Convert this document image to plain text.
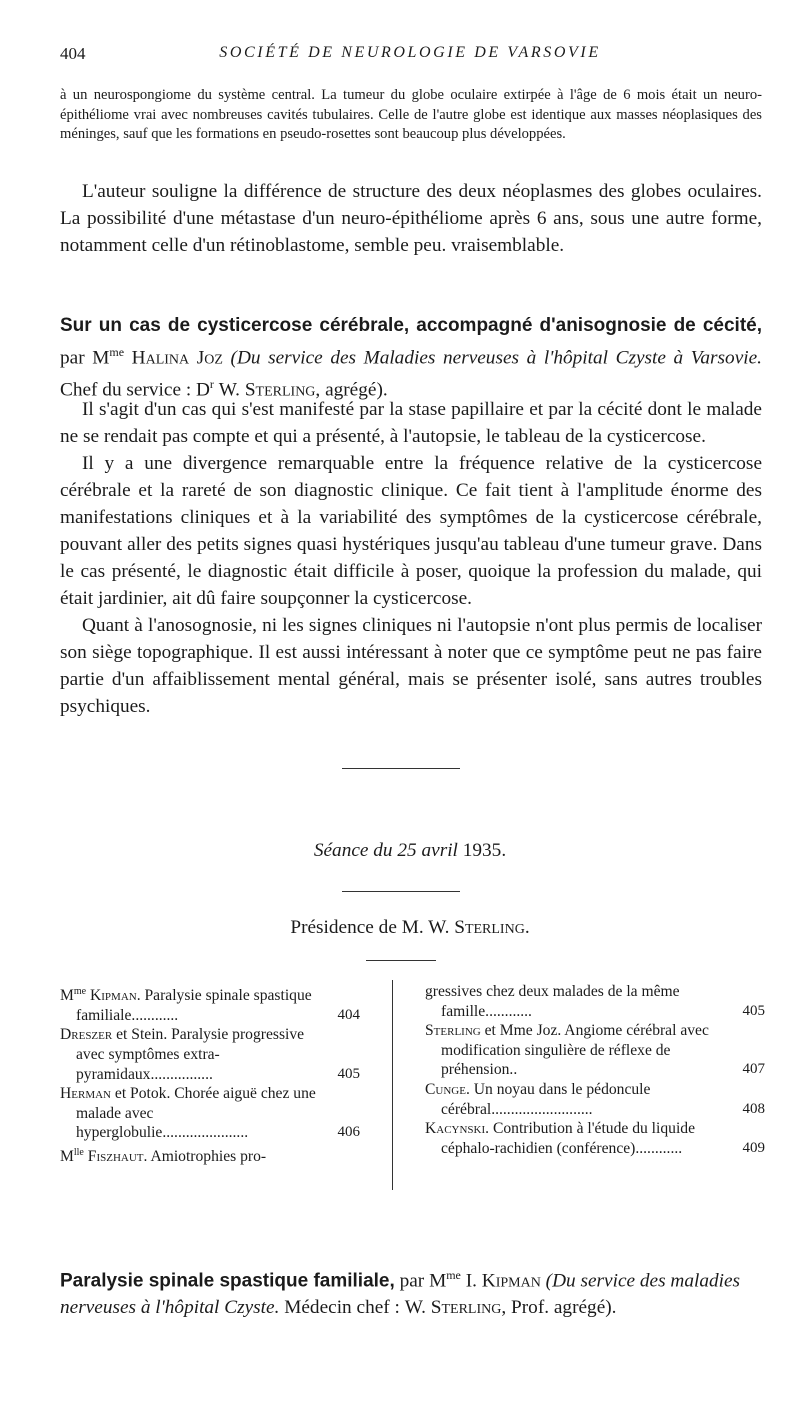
404	SOCIÉTÉ DE NEUROLOGIE DE VARSOVIE

à un neurospongiome du système central. La tumeur du globe oculaire extirpée à l'âge de 6 mois était un neuro-épithéliome vrai avec nombreuses cavités tubulaires. Celle de l'autre globe est identique aux masses néoplasiques des méninges, sauf que les formations en pseudo-rosettes sont beaucoup plus développées.

L'auteur souligne la différence de structure des deux néoplasmes des globes oculaires. La possibilité d'une métastase d'un neuro-épithéliome après 6 ans, sous une autre forme, notamment celle d'un rétinoblastome, semble peu. vraisemblable.

Sur un cas de cysticercose cérébrale, accompagné d'anisognosie de cécité, par $M^{me}$ Halina Joz (Du service des Maladies nerveuses à l'hôpital Czyste à Varsovie. Chef du service : $D^r$ W. Sterling, agrégé).

Il s'agit d'un cas qui s'est manifesté par la stase papillaire et par la cécité dont le malade ne se rendait pas compte et qui a présenté, à l'autopsie, le tableau de la cysticercose.

Il y a une divergence remarquable entre la fréquence relative de la cysticercose cérébrale et la rareté de son diagnostic clinique. Ce fait tient à l'amplitude énorme des manifestations cliniques et à la variabilité des symptômes de la cysticercose cérébrale, pouvant aller des petits signes quasi hystériques jusqu'au tableau d'une tumeur grave. Dans le cas présenté, le diagnostic était difficile à poser, quoique la profession du malade, qui était jardinier, ait dû faire soupçonner la cysticercose.

Quant à l'anosognosie, ni les signes cliniques ni l'autopsie n'ont plus permis de localiser son siège topographique. Il est aussi intéressant à noter que ce symptôme peut ne pas faire partie d'un affaiblissement mental général, mais se présenter isolé, sans autres troubles psychiques.

Séance du 25 avril 1935.
Présidence de M. W. Sterling.
$M^{me}$ Kipman. Paralysie spinale spastique familiale............	404
Dreszer et Stein. Paralysie progressive avec symptômes extra-pyramidaux................	405
Herman et Potok. Chorée aiguë chez une malade avec hyperglobulie......................	406
$M^{lle}$ Fiszhaut. Amiotrophies pro-
gressives chez deux malades de la même famille............	405
Sterling et Mme Joz. Angiome cérébral avec modification singulière de réflexe de préhension..	407
Cunge. Un noyau dans le pédoncule cérébral..........................	408
Kacynski. Contribution à l'étude du liquide céphalo-rachidien (conférence)............	409
Paralysie spinale spastique familiale, par $M^{me}$ I. Kipman (Du service des maladies nerveuses à l'hôpital Czyste. Médecin chef : W. Sterling, Prof. agrégé).
